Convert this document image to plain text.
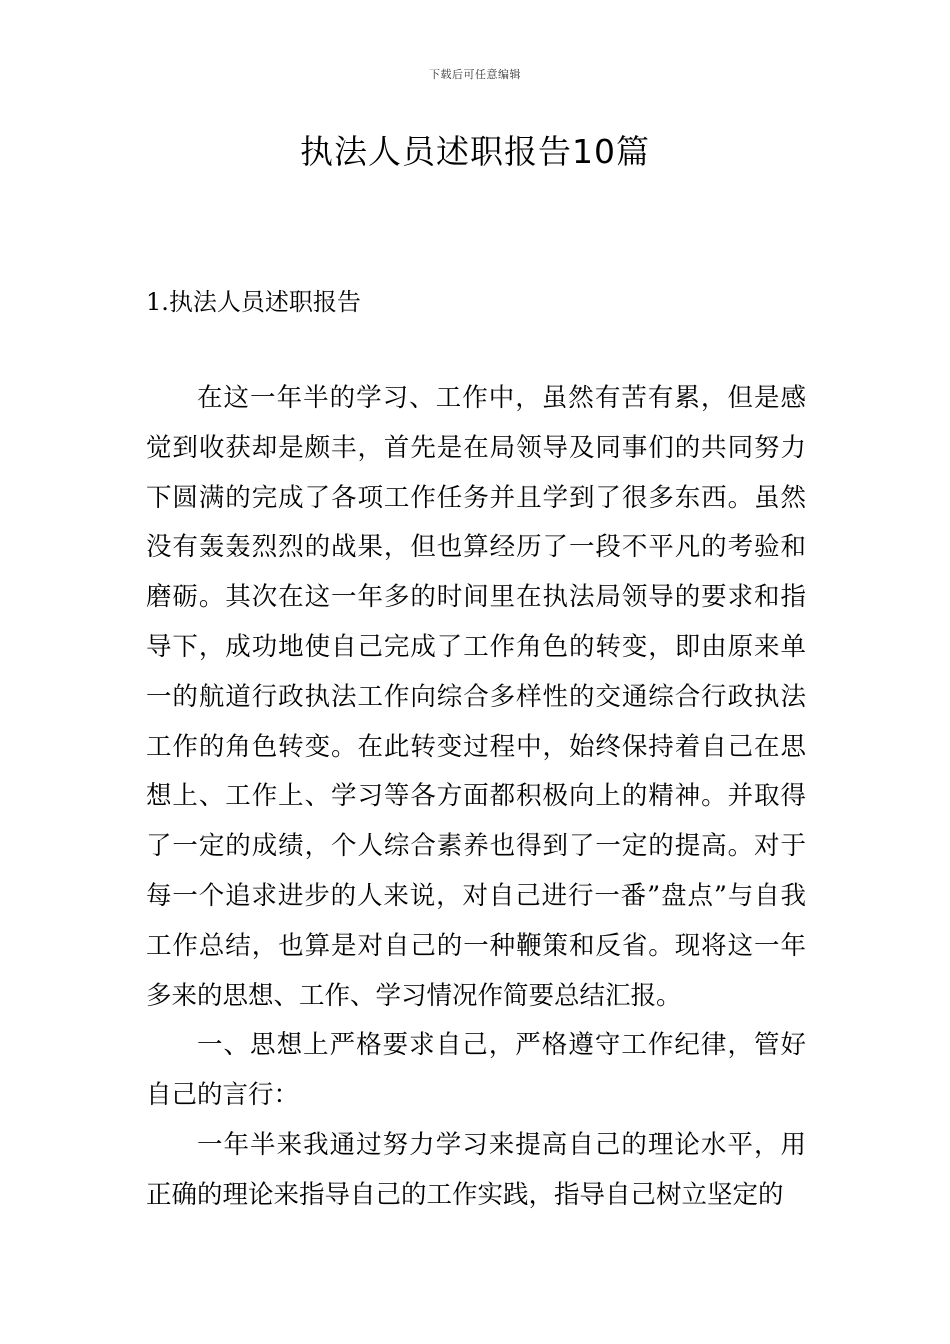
下载后可任意编辑
执法人员述职报告10篇
1.执法人员述职报告

在这一年半的学习、工作中，虽然有苦有累，但是感觉到收获却是颇丰，首先是在局领导及同事们的共同努力下圆满的完成了各项工作任务并且学到了很多东西。虽然没有轰轰烈烈的战果，但也算经历了一段不平凡的考验和磨砺。其次在这一年多的时间里在执法局领导的要求和指导下，成功地使自己完成了工作角色的转变，即由原来单一的航道行政执法工作向综合多样性的交通综合行政执法工作的角色转变。在此转变过程中，始终保持着自己在思想上、工作上、学习等各方面都积极向上的精神。并取得了一定的成绩，个人综合素养也得到了一定的提高。对于每一个追求进步的人来说，对自己进行一番”盘点”与自我工作总结，也算是对自己的一种鞭策和反省。现将这一年多来的思想、工作、学习情况作简要总结汇报。

一、思想上严格要求自己，严格遵守工作纪律，管好自己的言行：

一年半来我通过努力学习来提高自己的理论水平，用正确的理论来指导自己的工作实践，指导自己树立坚定的
